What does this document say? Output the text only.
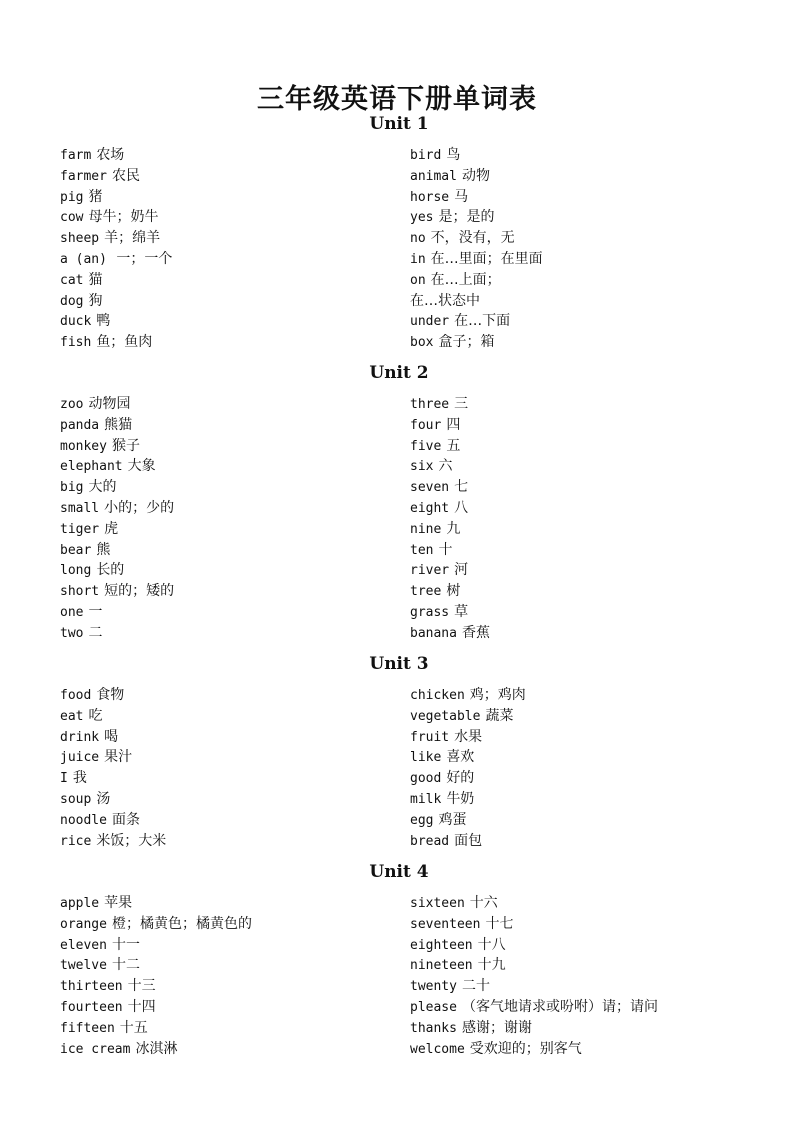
三年级英语下册单词表
Unit 1
farm 农场
farmer 农民
pig 猪
cow 母牛；奶牛
sheep 羊；绵羊
a (an) 一；一个
cat 猫
dog 狗
duck 鸭
fish 鱼；鱼肉
bird 鸟
animal 动物
horse 马
yes 是；是的
no 不，没有，无
in 在…里面；在里面
on 在…上面；
在…状态中
under 在…下面
box 盒子；箱
Unit 2
zoo 动物园
panda 熊猫
monkey 猴子
elephant 大象
big 大的
small 小的；少的
tiger 虎
bear 熊
long 长的
short 短的；矮的
one 一
two 二
three 三
four 四
five 五
six 六
seven 七
eight 八
nine 九
ten 十
river 河
tree 树
grass 草
banana 香蕉
Unit 3
food 食物
eat 吃
drink 喝
juice 果汁
I 我
soup 汤
noodle 面条
rice 米饭；大米
chicken 鸡；鸡肉
vegetable 蔬菜
fruit 水果
like 喜欢
good 好的
milk 牛奶
egg 鸡蛋
bread 面包
Unit 4
apple 苹果
orange 橙；橘黄色；橘黄色的
eleven 十一
twelve 十二
thirteen 十三
fourteen 十四
fifteen 十五
ice cream 冰淇淋
sixteen 十六
seventeen 十七
eighteen 十八
nineteen 十九
twenty 二十
please （客气地请求或吩咐）请；请问
thanks 感谢；谢谢
welcome 受欢迎的；别客气
